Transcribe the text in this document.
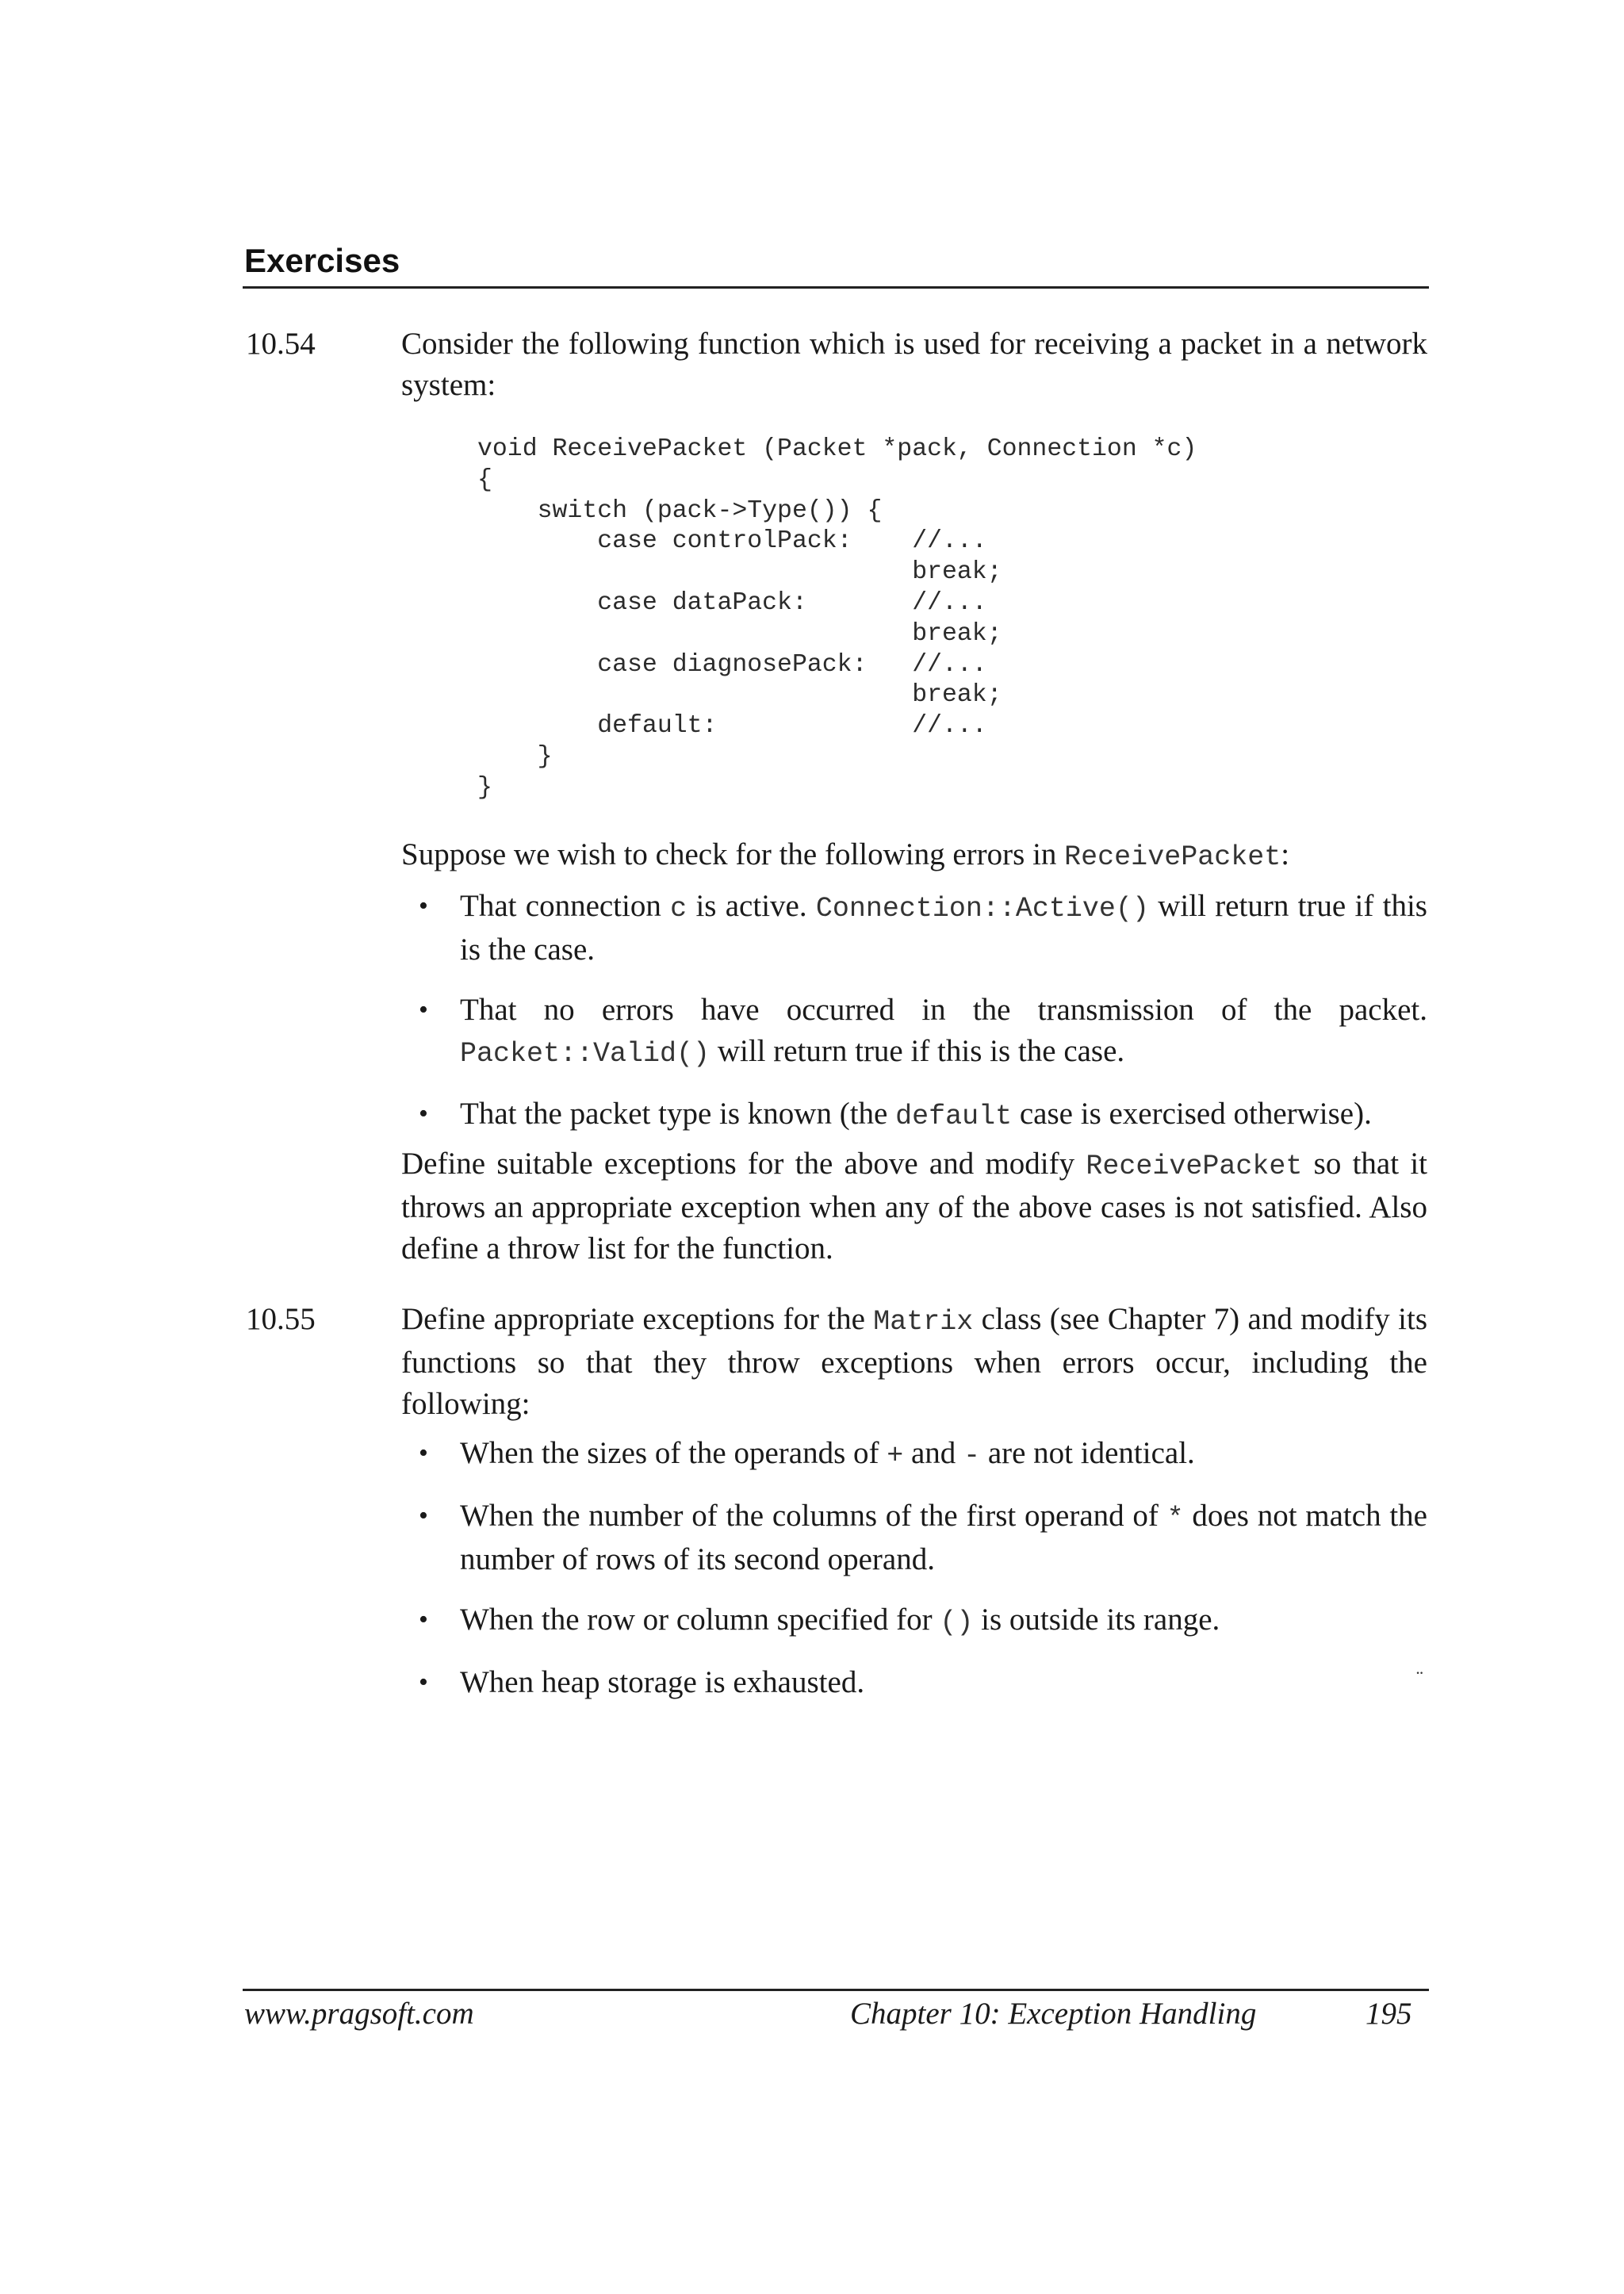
Exercises
10.54	Consider the following function which is used for receiving a packet in a network system:

void ReceivePacket (Packet *pack, Connection *c)
{
switch (pack->Type()) {
case controlPack:    //...
break;
case dataPack:       //...
break;
case diagnosePack:   //...
break;
default:             //...
}
}

Suppose we wish to check for the following errors in ReceivePacket:

• That connection c is active. Connection::Active() will return true if this is the case.
• That no errors have occurred in the transmission of the packet. Packet::Valid() will return true if this is the case.
• That the packet type is known (the default case is exercised otherwise).

Define suitable exceptions for the above and modify ReceivePacket so that it throws an appropriate exception when any of the above cases is not satisfied. Also define a throw list for the function.

10.55	Define appropriate exceptions for the Matrix class (see Chapter 7) and modify its functions so that they throw exceptions when errors occur, including the following:

• When the sizes of the operands of + and - are not identical.
• When the number of the columns of the first operand of * does not match the number of rows of its second operand.
• When the row or column specified for () is outside its range.
• When heap storage is exhausted.	¨
www.pragsoft.com	Chapter 10: Exception Handling	195
